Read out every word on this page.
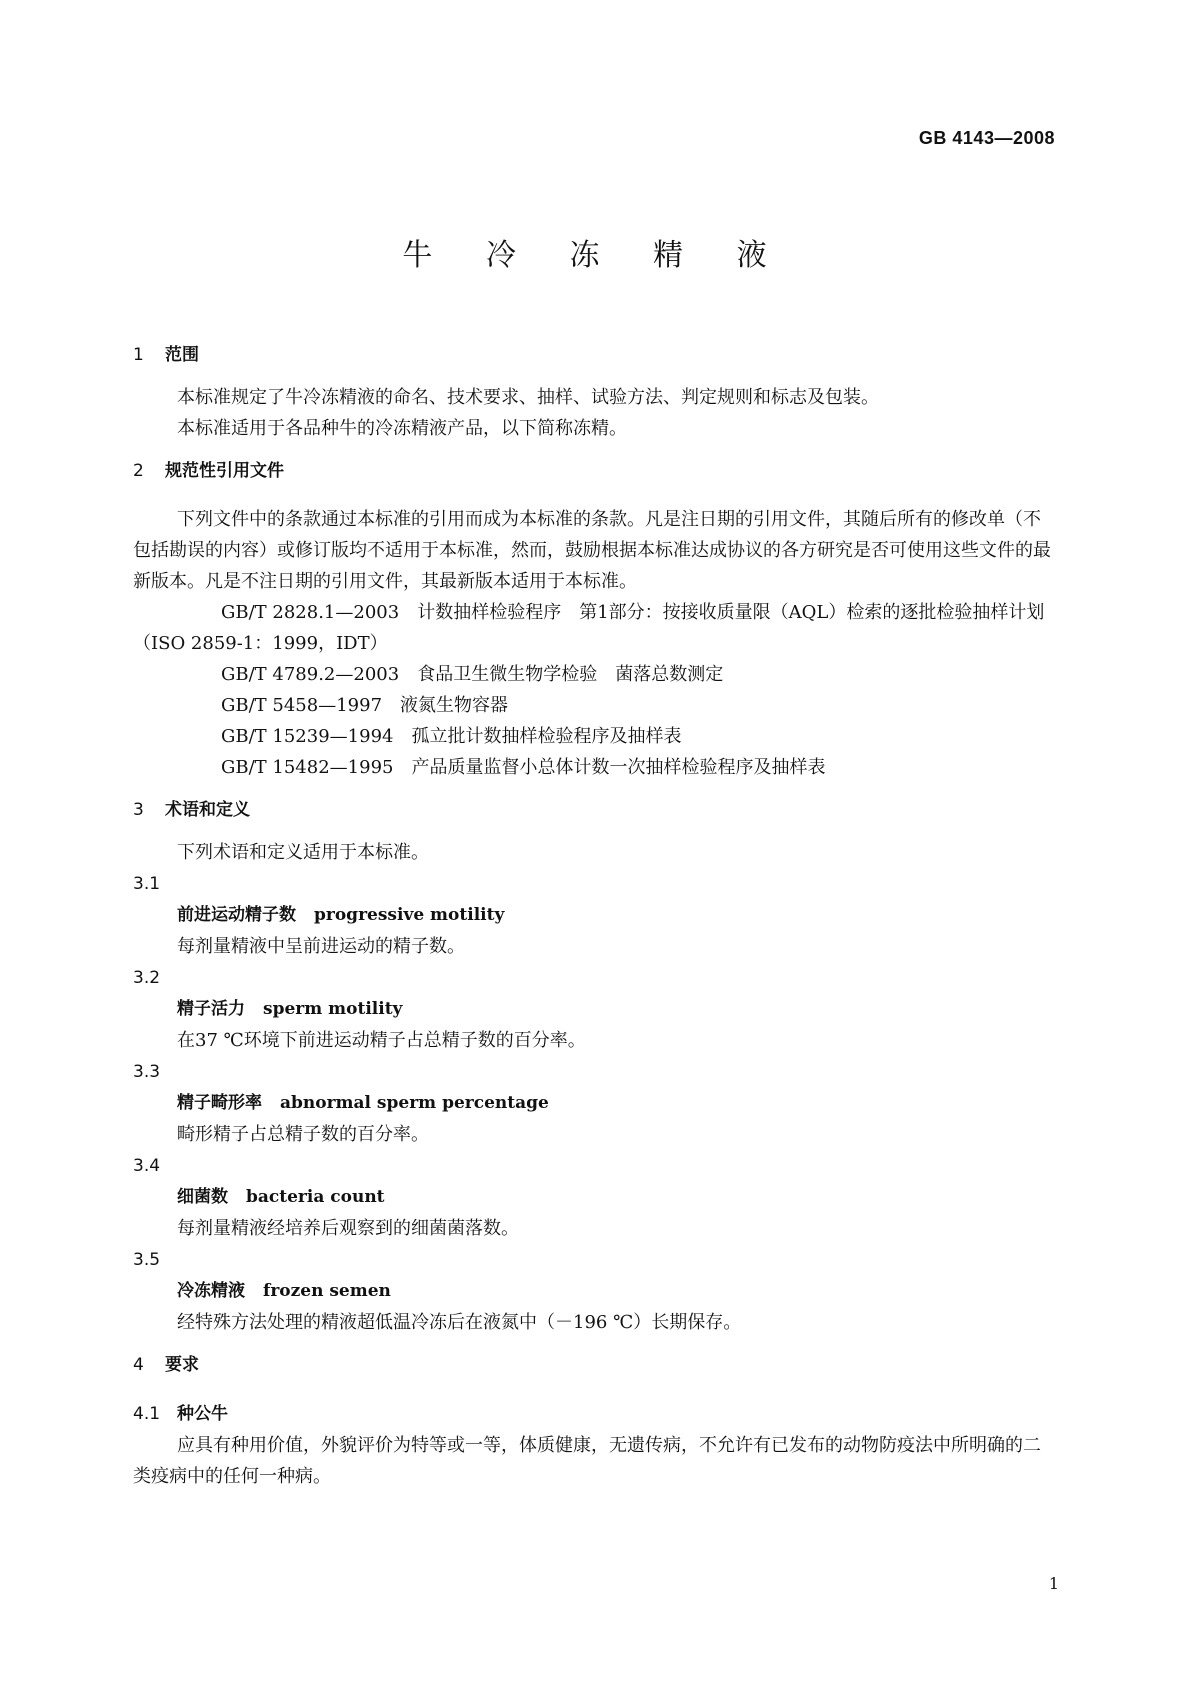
GB 4143—2008
牛 冷 冻 精 液
1 范围
本标准规定了牛冷冻精液的命名、技术要求、抽样、试验方法、判定规则和标志及包装。
本标准适用于各品种牛的冷冻精液产品，以下简称冻精。
2 规范性引用文件
下列文件中的条款通过本标准的引用而成为本标准的条款。凡是注日期的引用文件，其随后所有的修改单（不包括勘误的内容）或修订版均不适用于本标准，然而，鼓励根据本标准达成协议的各方研究是否可使用这些文件的最新版本。凡是不注日期的引用文件，其最新版本适用于本标准。
GB/T 2828.1—2003 计数抽样检验程序　第1部分：按接收质量限（AQL）检索的逐批检验抽样计划（ISO 2859-1：1999，IDT）
GB/T 4789.2—2003 食品卫生微生物学检验　菌落总数测定
GB/T 5458—1997 液氮生物容器
GB/T 15239—1994 孤立批计数抽样检验程序及抽样表
GB/T 15482—1995 产品质量监督小总体计数一次抽样检验程序及抽样表
3 术语和定义
下列术语和定义适用于本标准。
3.1
前进运动精子数 progressive motility
每剂量精液中呈前进运动的精子数。
3.2
精子活力 sperm motility
在37 ℃环境下前进运动精子占总精子数的百分率。
3.3
精子畸形率 abnormal sperm percentage
畸形精子占总精子数的百分率。
3.4
细菌数 bacteria count
每剂量精液经培养后观察到的细菌菌落数。
3.5
冷冻精液 frozen semen
经特殊方法处理的精液超低温冷冻后在液氮中（－196 ℃）长期保存。
4 要求
4.1 种公牛
应具有种用价值，外貌评价为特等或一等，体质健康，无遗传病，不允许有已发布的动物防疫法中所明确的二类疫病中的任何一种病。
1
